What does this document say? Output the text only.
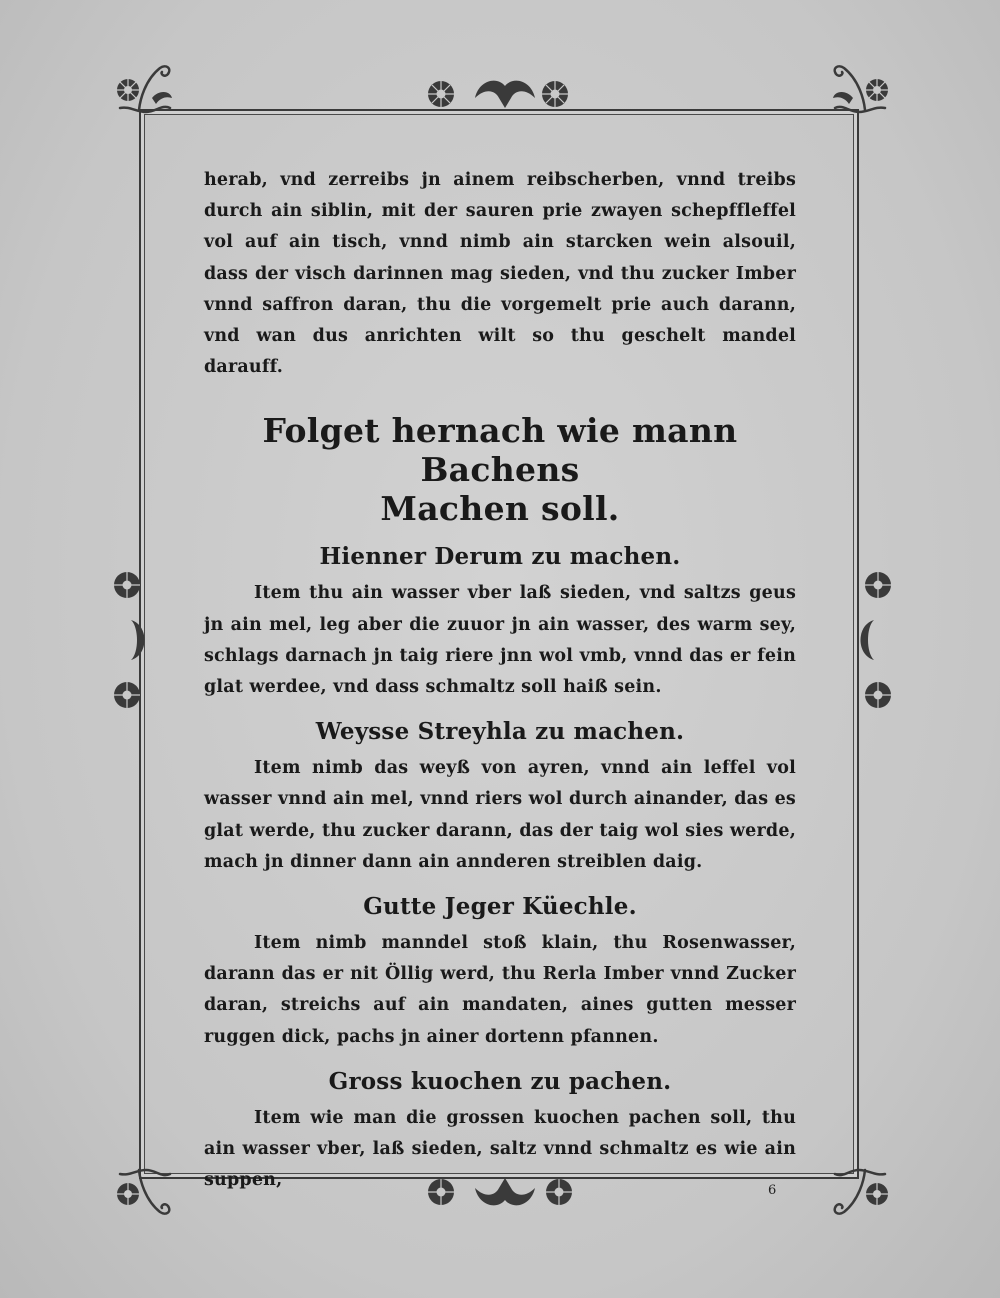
herab, vnd zerreibs jn ainem reibscherben, vnnd treibs durch ain siblin, mit der sauren prie zwayen schepffleffel vol auf ain tisch, vnnd nimb ain starcken wein alsouil, dass der visch darinnen mag sieden, vnd thu zucker Imber vnnd saffron daran, thu die vorgemelt prie auch darann, vnd wan dus anrichten wilt so thu geschelt mandel darauff.

Folget hernach wie mann Bachens
Machen soll.
Hienner Derum zu machen.

Item thu ain wasser vber laß sieden, vnd saltzs geus jn ain mel, leg aber die zuuor jn ain wasser, des warm sey, schlags darnach jn taig riere jnn wol vmb, vnnd das er fein glat werdee, vnd dass schmaltz soll haiß sein.

Weysse Streyhla zu machen.

Item nimb das weyß von ayren, vnnd ain leffel vol wasser vnnd ain mel, vnnd riers wol durch ainander, das es glat werde, thu zucker darann, das der taig wol sies werde, mach jn dinner dann ain annderen streiblen daig.

Gutte Jeger Küechle.

Item nimb manndel stoß klain, thu Rosenwasser, darann das er nit Öllig werd, thu Rerla Imber vnnd Zucker daran, streichs auf ain mandaten, aines gutten messer ruggen dick, pachs jn ainer dortenn pfannen.

Gross kuochen zu pachen.

Item wie man die grossen kuochen pachen soll, thu ain wasser vber, laß sieden, saltz vnnd schmaltz es wie ain suppen,

6
